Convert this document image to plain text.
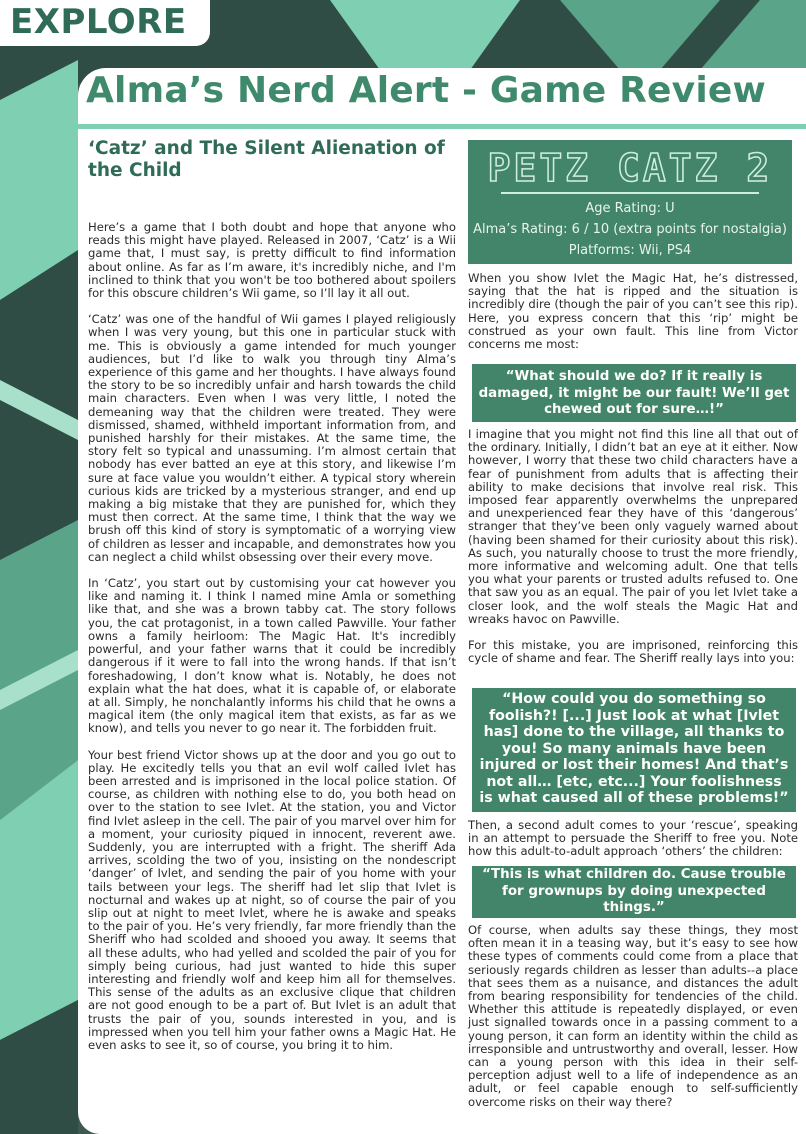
EXPLORE
Alma’s Nerd Alert - Game Review
‘Catz’ and The Silent Alienation of the Child

Here’s a game that I both doubt and hope that anyone who reads this might have played. Released in 2007, ‘Catz’ is a Wii game that, I must say, is pretty difficult to find information about online. As far as I’m aware, it's incredibly niche, and I'm inclined to think that you won't be too bothered about spoilers for this obscure children’s Wii game, so I’ll lay it all out.

‘Catz’ was one of the handful of Wii games I played religiously when I was very young, but this one in particular stuck with me. This is obviously a game intended for much younger audiences, but I’d like to walk you through tiny Alma’s experience of this game and her thoughts. I have always found the story to be so incredibly unfair and harsh towards the child main characters. Even when I was very little, I noted the demeaning way that the children were treated. They were dismissed, shamed, withheld important information from, and punished harshly for their mistakes. At the same time, the story felt so typical and unassuming. I’m almost certain that nobody has ever batted an eye at this story, and likewise I’m sure at face value you wouldn’t either. A typical story wherein curious kids are tricked by a mysterious stranger, and end up making a big mistake that they are punished for, which they must then correct. At the same time, I think that the way we brush off this kind of story is symptomatic of a worrying view of children as lesser and incapable, and demonstrates how you can neglect a child whilst obsessing over their every move.

In ‘Catz’, you start out by customising your cat however you like and naming it. I think I named mine Amla or something like that, and she was a brown tabby cat. The story follows you, the cat protagonist, in a town called Pawville. Your father owns a family heirloom: The Magic Hat. It's incredibly powerful, and your father warns that it could be incredibly dangerous if it were to fall into the wrong hands. If that isn’t foreshadowing, I don’t know what is. Notably, he does not explain what the hat does, what it is capable of, or elaborate at all. Simply, he nonchalantly informs his child that he owns a magical item (the only magical item that exists, as far as we know), and tells you never to go near it. The forbidden fruit.

Your best friend Victor shows up at the door and you go out to play. He excitedly tells you that an evil wolf called Ivlet has been arrested and is imprisoned in the local police station. Of course, as children with nothing else to do, you both head on over to the station to see Ivlet. At the station, you and Victor find Ivlet asleep in the cell. The pair of you marvel over him for a moment, your curiosity piqued in innocent, reverent awe. Suddenly, you are interrupted with a fright. The sheriff Ada arrives, scolding the two of you, insisting on the nondescript ‘danger’ of Ivlet, and sending the pair of you home with your tails between your legs. The sheriff had let slip that Ivlet is nocturnal and wakes up at night, so of course the pair of you slip out at night to meet Ivlet, where he is awake and speaks to the pair of you. He’s very friendly, far more friendly than the Sheriff who had scolded and shooed you away. It seems that all these adults, who had yelled and scolded the pair of you for simply being curious, had just wanted to hide this super interesting and friendly wolf and keep him all for themselves. This sense of the adults as an exclusive clique that children are not good enough to be a part of. But Ivlet is an adult that trusts the pair of you, sounds interested in you, and is impressed when you tell him your father owns a Magic Hat. He even asks to see it, so of course, you bring it to him.

PETZ CATZ 2
Age Rating: U
Alma’s Rating: 6 / 10 (extra points for nostalgia)
Platforms: Wii, PS4

When you show Ivlet the Magic Hat, he’s distressed, saying that the hat is ripped and the situation is incredibly dire (though the pair of you can’t see this rip). Here, you express concern that this ‘rip’ might be construed as your own fault. This line from Victor concerns me most:

“What should we do? If it really is damaged, it might be our fault! We’ll get chewed out for sure…!”

I imagine that you might not find this line all that out of the ordinary. Initially, I didn’t bat an eye at it either. Now however, I worry that these two child characters have a fear of punishment from adults that is affecting their ability to make decisions that involve real risk. This imposed fear apparently overwhelms the unprepared and unexperienced fear they have of this ‘dangerous’ stranger that they’ve been only vaguely warned about (having been shamed for their curiosity about this risk). As such, you naturally choose to trust the more friendly, more informative and welcoming adult. One that tells you what your parents or trusted adults refused to. One that saw you as an equal. The pair of you let Ivlet take a closer look, and the wolf steals the Magic Hat and wreaks havoc on Pawville.

For this mistake, you are imprisoned, reinforcing this cycle of shame and fear. The Sheriff really lays into you:

“How could you do something so foolish?! [...] Just look at what [Ivlet has] done to the village, all thanks to you! So many animals have been injured or lost their homes! And that’s not all… [etc, etc...] Your foolishness is what caused all of these problems!”

Then, a second adult comes to your ‘rescue’, speaking in an attempt to persuade the Sheriff to free you. Note how this adult-to-adult approach ‘others’ the children:

“This is what children do. Cause trouble for grownups by doing unexpected things.”

Of course, when adults say these things, they most often mean it in a teasing way, but it’s easy to see how these types of comments could come from a place that seriously regards children as lesser than adults--a place that sees them as a nuisance, and distances the adult from bearing responsibility for tendencies of the child. Whether this attitude is repeatedly displayed, or even just signalled towards once in a passing comment to a young person, it can form an identity within the child as irresponsible and untrustworthy and overall, lesser. How can a young person with this idea in their self-perception adjust well to a life of independence as an adult, or feel capable enough to self-sufficiently overcome risks on their way there?
